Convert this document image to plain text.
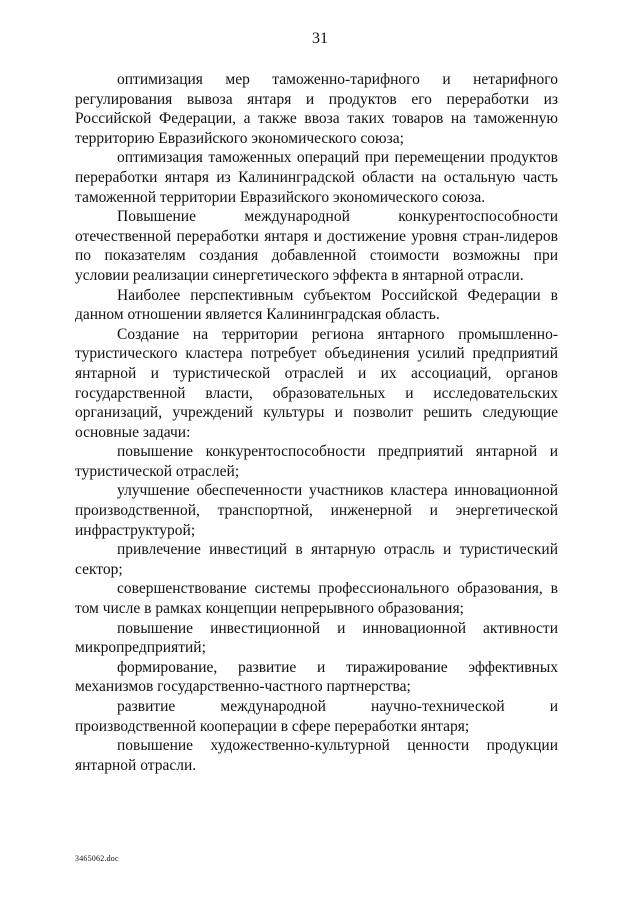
31

оптимизация мер таможенно-тарифного и нетарифного регулирования вывоза янтаря и продуктов его переработки из Российской Федерации, а также ввоза таких товаров на таможенную территорию Евразийского экономического союза;

оптимизация таможенных операций при перемещении продуктов переработки янтаря из Калининградской области на остальную часть таможенной территории Евразийского экономического союза.

Повышение международной конкурентоспособности отечественной переработки янтаря и достижение уровня стран-лидеров по показателям создания добавленной стоимости возможны при условии реализации синергетического эффекта в янтарной отрасли.

Наиболее перспективным субъектом Российской Федерации в данном отношении является Калининградская область.

Создание на территории региона янтарного промышленно-туристического кластера потребует объединения усилий предприятий янтарной и туристической отраслей и их ассоциаций, органов государственной власти, образовательных и исследовательских организаций, учреждений культуры и позволит решить следующие основные задачи:

повышение конкурентоспособности предприятий янтарной и туристической отраслей;

улучшение обеспеченности участников кластера инновационной производственной, транспортной, инженерной и энергетической инфраструктурой;

привлечение инвестиций в янтарную отрасль и туристический сектор;

совершенствование системы профессионального образования, в том числе в рамках концепции непрерывного образования;

повышение инвестиционной и инновационной активности микропредприятий;

формирование, развитие и тиражирование эффективных механизмов государственно-частного партнерства;

развитие международной научно-технической и производственной кооперации в сфере переработки янтаря;

повышение художественно-культурной ценности продукции янтарной отрасли.

3465062.doc
